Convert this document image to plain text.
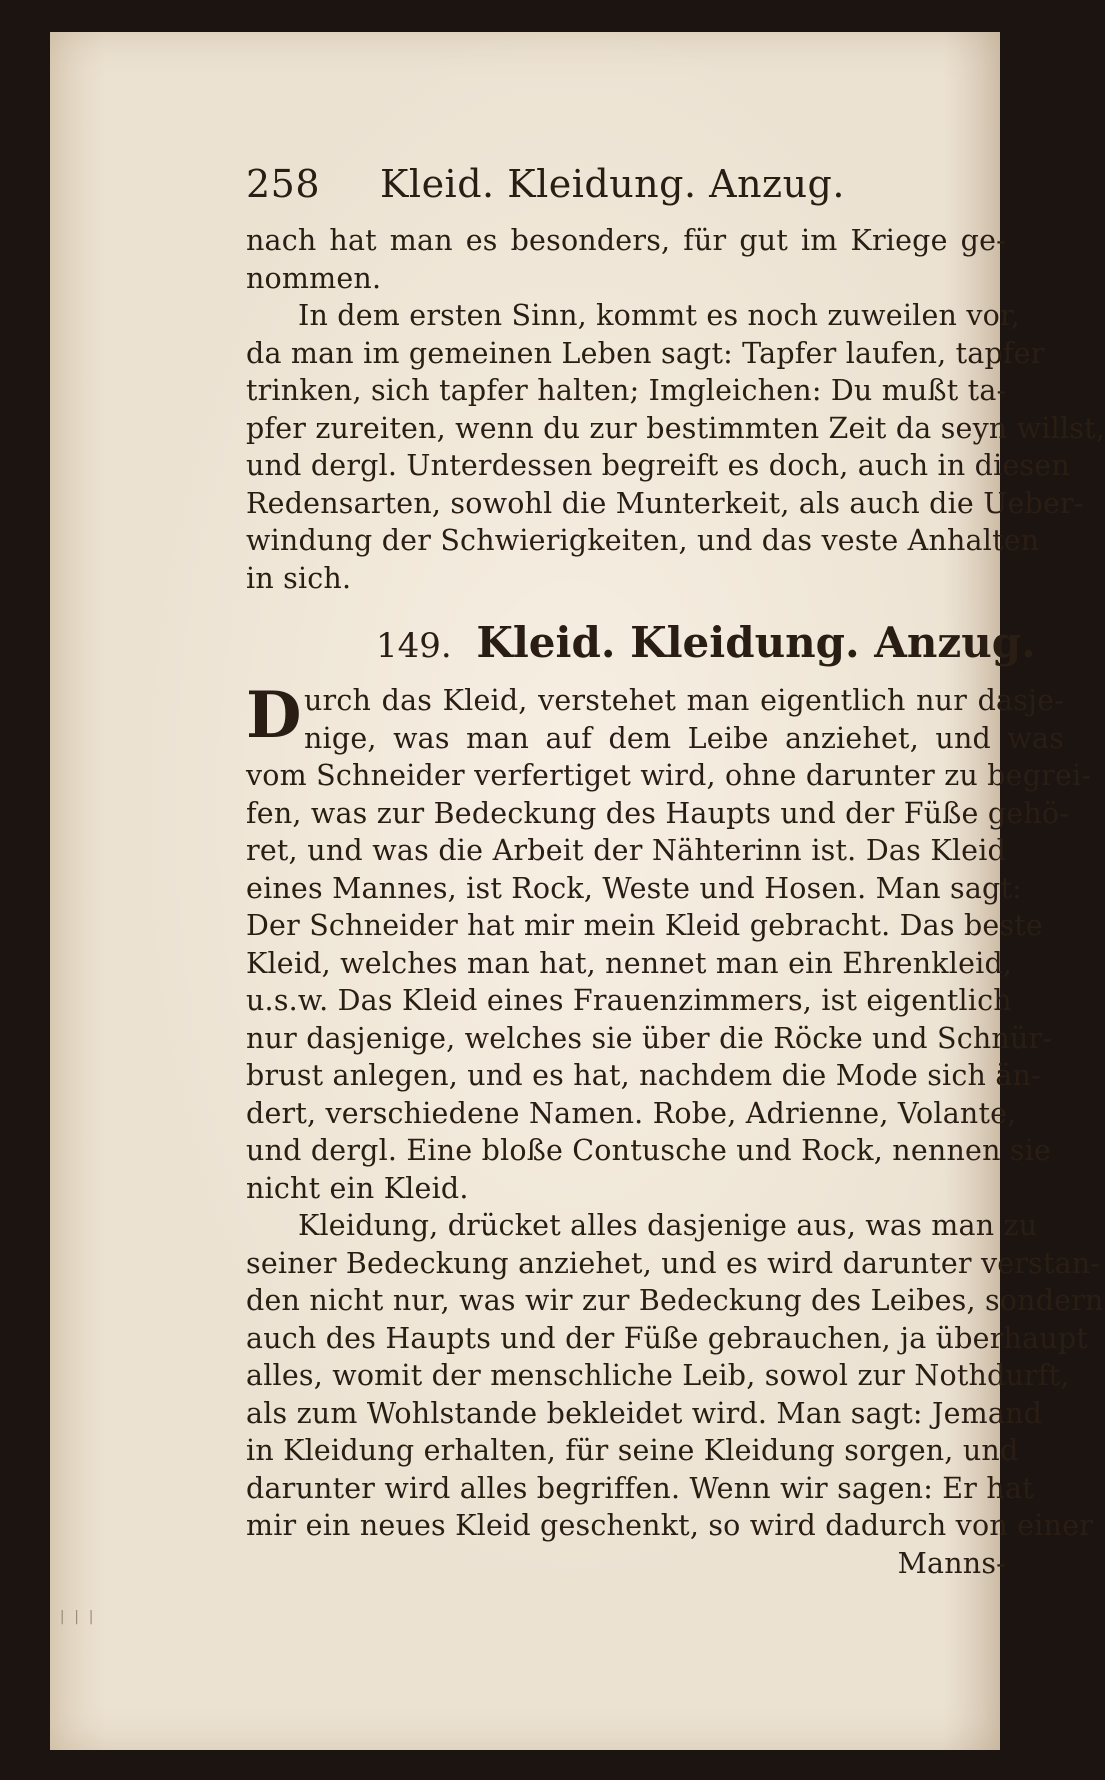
258 Kleid. Kleidung. Anzug.
nach hat man es besonders, für gut im Kriege ge-
nommen.
In dem ersten Sinn, kommt es noch zuweilen vor,
da man im gemeinen Leben sagt: Tapfer laufen, tapfer
trinken, sich tapfer halten; Imgleichen: Du mußt ta-
pfer zureiten, wenn du zur bestimmten Zeit da seyn willst,
und dergl. Unterdessen begreift es doch, auch in diesen
Redensarten, sowohl die Munterkeit, als auch die Ueber-
windung der Schwierigkeiten, und das veste Anhalten
in sich.
149. Kleid. Kleidung. Anzug.
D urch das Kleid, verstehet man eigentlich nur dasje-
nige, was man auf dem Leibe anziehet, und was
vom Schneider verfertiget wird, ohne darunter zu begrei-
fen, was zur Bedeckung des Haupts und der Füße gehö-
ret, und was die Arbeit der Nähterinn ist. Das Kleid
eines Mannes, ist Rock, Weste und Hosen. Man sagt:
Der Schneider hat mir mein Kleid gebracht. Das beste
Kleid, welches man hat, nennet man ein Ehrenkleid,
u.s.w. Das Kleid eines Frauenzimmers, ist eigentlich
nur dasjenige, welches sie über die Röcke und Schnür-
brust anlegen, und es hat, nachdem die Mode sich än-
dert, verschiedene Namen. Robe, Adrienne, Volante,
und dergl. Eine bloße Contusche und Rock, nennen sie
nicht ein Kleid.
Kleidung, drücket alles dasjenige aus, was man zu
seiner Bedeckung anziehet, und es wird darunter verstan-
den nicht nur, was wir zur Bedeckung des Leibes, sondern
auch des Haupts und der Füße gebrauchen, ja überhaupt
alles, womit der menschliche Leib, sowol zur Nothdurft,
als zum Wohlstande bekleidet wird. Man sagt: Jemand
in Kleidung erhalten, für seine Kleidung sorgen, und
darunter wird alles begriffen. Wenn wir sagen: Er hat
mir ein neues Kleid geschenkt, so wird dadurch von einer
Manns-
|||
